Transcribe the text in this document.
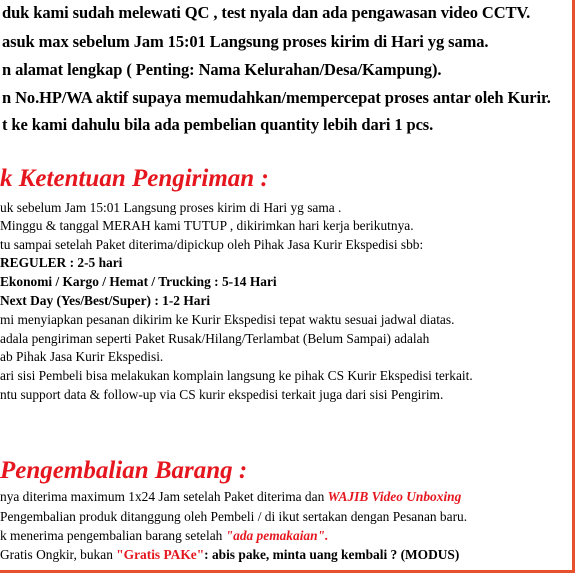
duk kami sudah melewati QC , test nyala dan ada pengawasan video CCTV.
asuk max sebelum Jam 15:01 Langsung proses kirim di Hari yg sama.
n alamat lengkap ( Penting: Nama Kelurahan/Desa/Kampung).
n No.HP/WA aktif supaya memudahkan/mempercepat proses antar oleh Kurir.
t ke kami dahulu bila ada pembelian quantity lebih dari 1 pcs.
k Ketentuan Pengiriman :
uk sebelum Jam 15:01 Langsung proses kirim di Hari yg sama .
Minggu & tanggal MERAH kami TUTUP , dikirimkan hari kerja berikutnya.
tu sampai setelah Paket diterima/dipickup oleh Pihak Jasa Kurir Ekspedisi sbb:
REGULER : 2-5 hari
Ekonomi / Kargo / Hemat / Trucking : 5-14 Hari
Next Day (Yes/Best/Super) : 1-2 Hari
mi menyiapkan pesanan dikirim ke Kurir Ekspedisi tepat waktu sesuai jadwal diatas.
adala pengiriman seperti Paket Rusak/Hilang/Terlambat (Belum Sampai) adalah
ab Pihak Jasa Kurir Ekspedisi.
ari sisi Pembeli bisa melakukan komplain langsung ke pihak CS Kurir Ekspedisi terkait.
ntu support data & follow-up via CS kurir ekspedisi terkait juga dari sisi Pengirim.
Pengembalian Barang :
nya diterima maximum 1x24 Jam setelah Paket diterima dan WAJIB Video Unboxing
Pengembalian produk ditanggung oleh Pembeli / di ikut sertakan dengan Pesanan baru.
k menerima pengembalian barang setelah "ada pemakaian".
Gratis Ongkir, bukan "Gratis PAKe": abis pake, minta uang kembali ? (MODUS)
